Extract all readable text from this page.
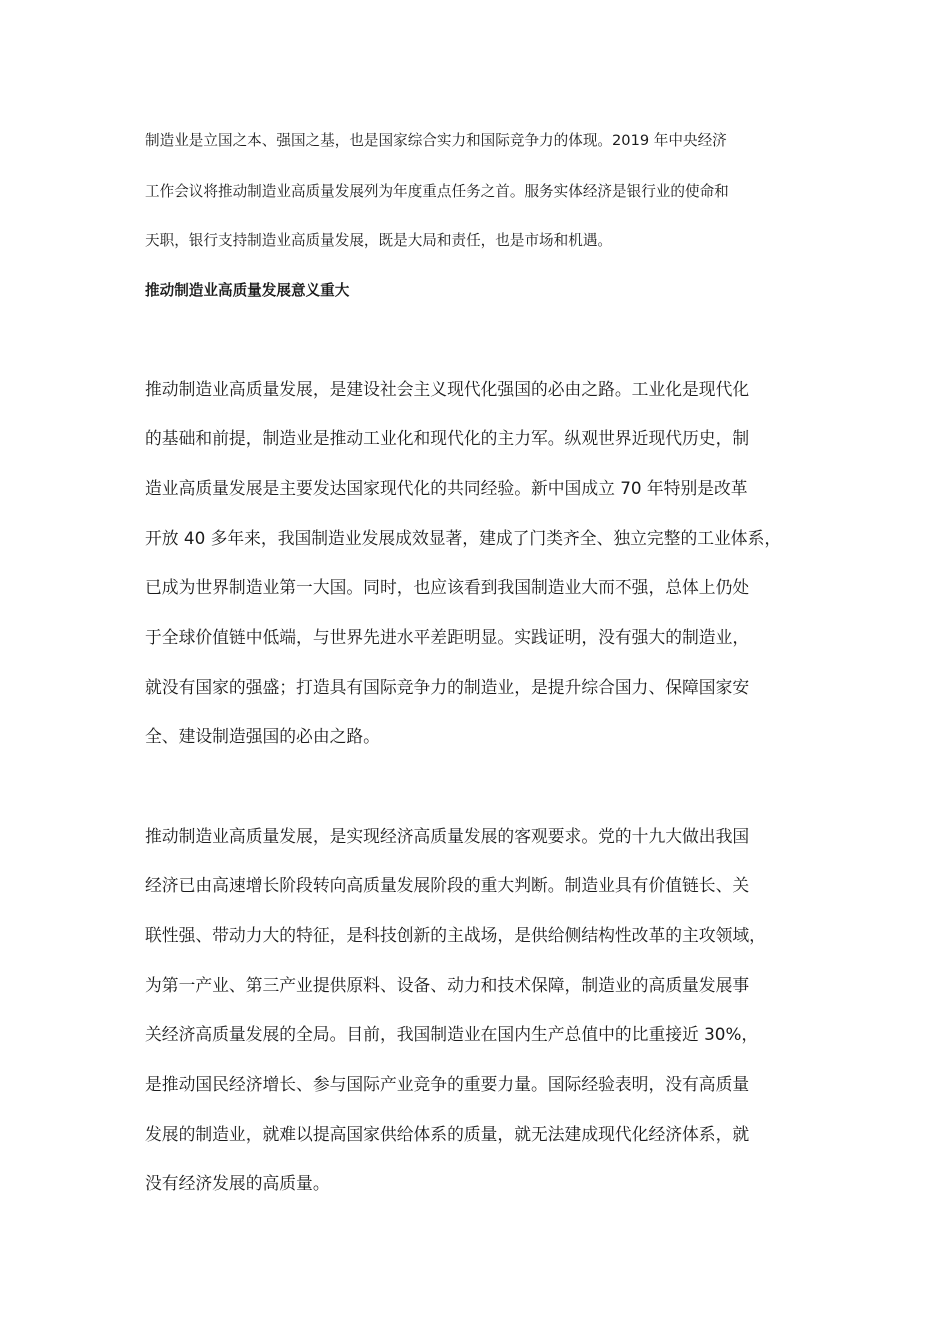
制造业是立国之本、强国之基，也是国家综合实力和国际竞争力的体现。2019 年中央经济
工作会议将推动制造业高质量发展列为年度重点任务之首。服务实体经济是银行业的使命和
天职，银行支持制造业高质量发展，既是大局和责任，也是市场和机遇。
推动制造业高质量发展意义重大
推动制造业高质量发展，是建设社会主义现代化强国的必由之路。工业化是现代化
的基础和前提，制造业是推动工业化和现代化的主力军。纵观世界近现代历史，制
造业高质量发展是主要发达国家现代化的共同经验。新中国成立 70 年特别是改革
开放 40 多年来，我国制造业发展成效显著，建成了门类齐全、独立完整的工业体系，
已成为世界制造业第一大国。同时，也应该看到我国制造业大而不强，总体上仍处
于全球价值链中低端，与世界先进水平差距明显。实践证明，没有强大的制造业，
就没有国家的强盛；打造具有国际竞争力的制造业，是提升综合国力、保障国家安
全、建设制造强国的必由之路。
推动制造业高质量发展，是实现经济高质量发展的客观要求。党的十九大做出我国
经济已由高速增长阶段转向高质量发展阶段的重大判断。制造业具有价值链长、关
联性强、带动力大的特征，是科技创新的主战场，是供给侧结构性改革的主攻领域，
为第一产业、第三产业提供原料、设备、动力和技术保障，制造业的高质量发展事
关经济高质量发展的全局。目前，我国制造业在国内生产总值中的比重接近 30%，
是推动国民经济增长、参与国际产业竞争的重要力量。国际经验表明，没有高质量
发展的制造业，就难以提高国家供给体系的质量，就无法建成现代化经济体系，就
没有经济发展的高质量。
